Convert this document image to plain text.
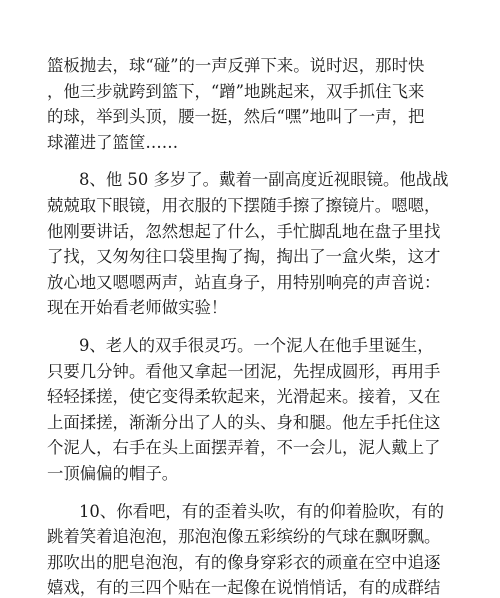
篮板抛去，球“碰”的一声反弹下来。说时迟，那时快
，他三步就跨到篮下，“蹭”地跳起来，双手抓住飞来
的球，举到头顶，腰一挺，然后“嘿”地叫了一声，把
球灌进了篮筐……
8、他 50 多岁了。戴着一副高度近视眼镜。他战战
兢兢取下眼镜，用衣服的下摆随手擦了擦镜片。嗯嗯，
他刚要讲话，忽然想起了什么，手忙脚乱地在盘子里找
了找，又匆匆往口袋里掏了掏，掏出了一盒火柴，这才
放心地又嗯嗯两声，站直身子，用特别响亮的声音说：
现在开始看老师做实验！
9、老人的双手很灵巧。一个泥人在他手里诞生，
只要几分钟。看他又拿起一团泥，先捏成圆形，再用手
轻轻揉搓，使它变得柔软起来，光滑起来。接着，又在
上面揉搓，渐渐分出了人的头、身和腿。他左手托住这
个泥人，右手在头上面摆弄着，不一会儿，泥人戴上了
一顶偏偏的帽子。
10、你看吧，有的歪着头吹，有的仰着脸吹，有的
跳着笑着追泡泡，那泡泡像五彩缤纷的气球在飘呀飘。
那吹出的肥皂泡泡，有的像身穿彩衣的顽童在空中追逐
嬉戏，有的三四个贴在一起像在说悄悄话，有的成群结
